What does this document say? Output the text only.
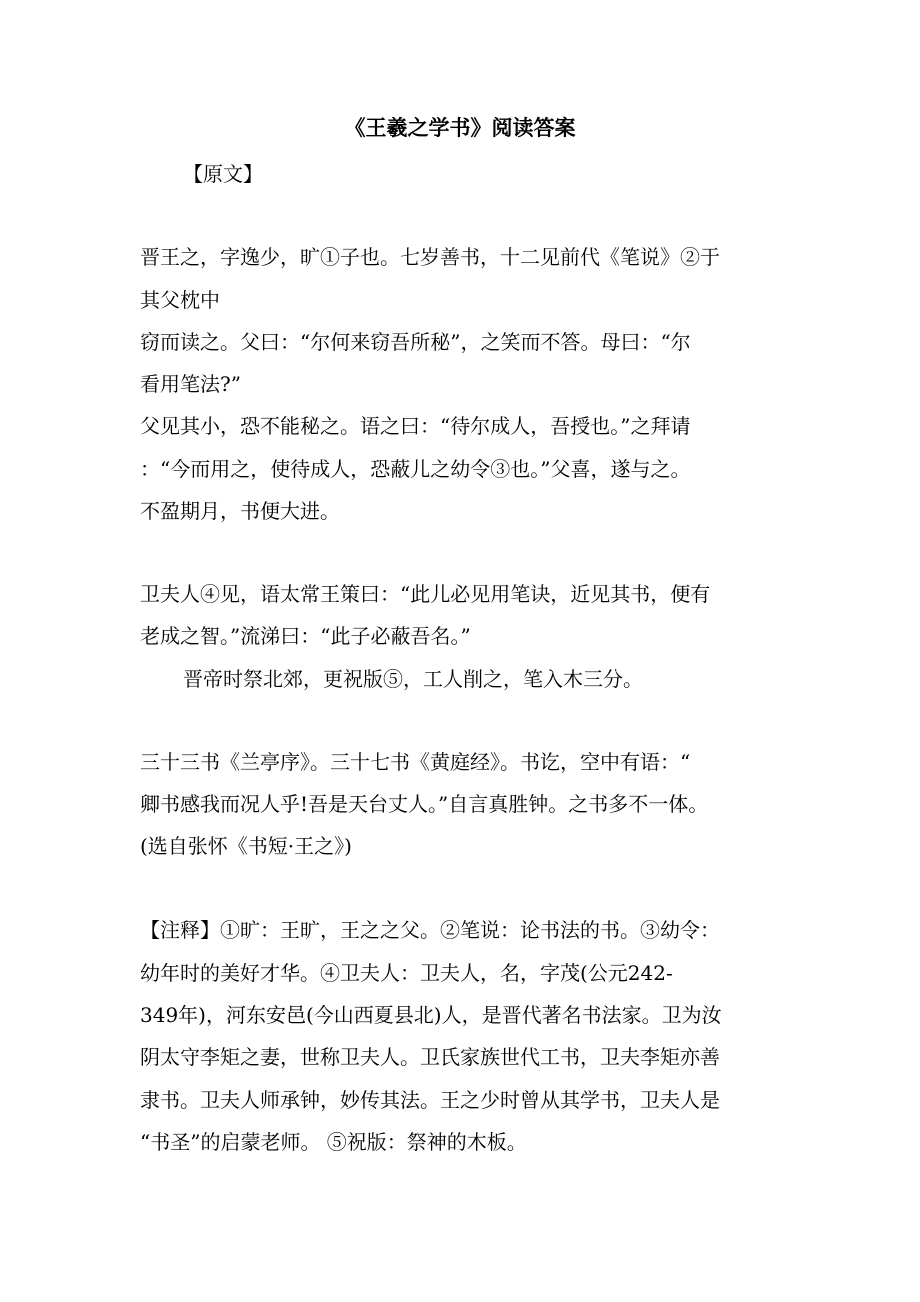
《王羲之学书》阅读答案
【原文】
晋王之，字逸少，旷①子也。七岁善书，十二见前代《笔说》②于
其父枕中
窃而读之。父曰：“尔何来窃吾所秘”，之笑而不答。母曰：“尔
看用笔法?”
父见其小，恐不能秘之。语之曰：“待尔成人，吾授也。”之拜请
：“今而用之，使待成人，恐蔽儿之幼令③也。”父喜，遂与之。
不盈期月，书便大进。
卫夫人④见，语太常王策曰：“此儿必见用笔诀，近见其书，便有
老成之智。”流涕曰：“此子必蔽吾名。”
晋帝时祭北郊，更祝版⑤，工人削之，笔入木三分。
三十三书《兰亭序》。三十七书《黄庭经》。书讫，空中有语：“
卿书感我而况人乎!吾是天台丈人。”自言真胜钟。之书多不一体。
(选自张怀《书短·王之》)
【注释】①旷：王旷，王之之父。②笔说：论书法的书。③幼令：
幼年时的美好才华。④卫夫人：卫夫人，名，字茂(公元242-
349年)，河东安邑(今山西夏县北)人，是晋代著名书法家。卫为汝
阴太守李矩之妻，世称卫夫人。卫氏家族世代工书，卫夫李矩亦善
隶书。卫夫人师承钟，妙传其法。王之少时曾从其学书，卫夫人是
“书圣”的启蒙老师。 ⑤祝版：祭神的木板。
